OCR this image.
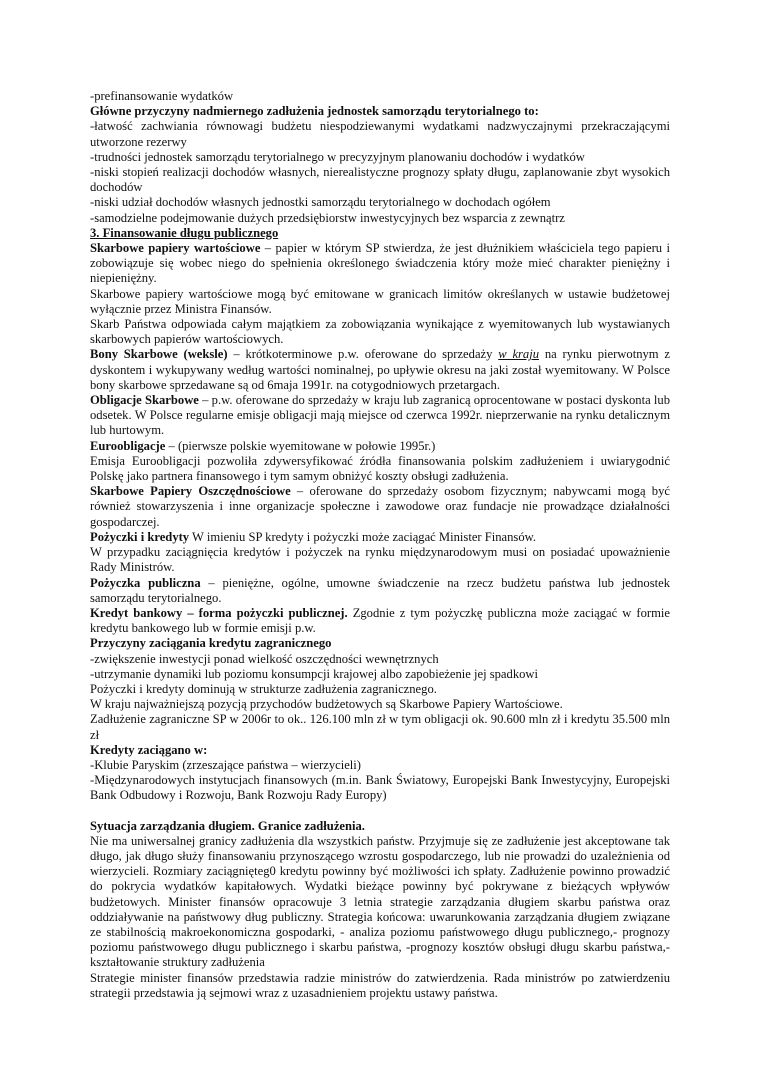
-prefinansowanie wydatków

Główne przyczyny nadmiernego zadłużenia jednostek samorządu terytorialnego to:

-łatwość zachwiania równowagi budżetu niespodziewanymi wydatkami nadzwyczajnymi przekraczającymi utworzone rezerwy

-trudności jednostek samorządu terytorialnego w precyzyjnym planowaniu dochodów i wydatków

-niski stopień realizacji dochodów własnych, nierealistyczne prognozy spłaty długu, zaplanowanie zbyt wysokich dochodów

-niski udział dochodów własnych jednostki samorządu terytorialnego w dochodach ogółem

-samodzielne podejmowanie dużych przedsiębiorstw inwestycyjnych bez wsparcia z zewnątrz

3. Finansowanie długu publicznego

Skarbowe papiery wartościowe – papier w którym SP stwierdza, że jest dłużnikiem właściciela tego papieru i zobowiązuje się wobec niego do spełnienia określonego świadczenia który może mieć charakter pieniężny i niepieniężny.

Skarbowe papiery wartościowe mogą być emitowane w granicach limitów określanych w ustawie budżetowej wyłącznie przez Ministra Finansów.

Skarb Państwa odpowiada całym majątkiem za zobowiązania wynikające z wyemitowanych lub wystawianych skarbowych papierów wartościowych.

Bony Skarbowe (weksle) – krótkoterminowe p.w. oferowane do sprzedaży w kraju na rynku pierwotnym z dyskontem i wykupywany według wartości nominalnej, po upływie okresu na jaki został wyemitowany. W Polsce bony skarbowe sprzedawane są od 6maja 1991r. na cotygodniowych przetargach.

Obligacje Skarbowe – p.w. oferowane do sprzedaży w kraju lub zagranicą oprocentowane w postaci dyskonta lub odsetek. W Polsce regularne emisje obligacji mają miejsce od czerwca 1992r. nieprzerwanie na rynku detalicznym lub hurtowym.

Euroobligacje – (pierwsze polskie wyemitowane w połowie 1995r.)

Emisja Euroobligacji pozwoliła zdywersyfikować źródła finansowania polskim zadłużeniem i uwiarygodnić Polskę jako partnera finansowego i tym samym obniżyć koszty obsługi zadłużenia.

Skarbowe Papiery Oszczędnościowe – oferowane do sprzedaży osobom fizycznym; nabywcami mogą być również stowarzyszenia i inne organizacje społeczne i zawodowe oraz fundacje nie prowadzące działalności gospodarczej.

Pożyczki i kredyty W imieniu SP kredyty i pożyczki może zaciągać Minister Finansów.

W przypadku zaciągnięcia kredytów i pożyczek na rynku międzynarodowym musi on posiadać upoważnienie Rady Ministrów.

Pożyczka publiczna – pieniężne, ogólne, umowne świadczenie na rzecz budżetu państwa lub jednostek samorządu terytorialnego.

Kredyt bankowy – forma pożyczki publicznej. Zgodnie z tym pożyczkę publiczna może zaciągać w formie kredytu bankowego lub w formie emisji p.w.

Przyczyny zaciągania kredytu zagranicznego

-zwiększenie inwestycji ponad wielkość oszczędności wewnętrznych

-utrzymanie dynamiki lub poziomu konsumpcji krajowej albo zapobieżenie jej spadkowi

Pożyczki i kredyty dominują w strukturze zadłużenia zagranicznego.

W kraju najważniejszą pozycją przychodów budżetowych są Skarbowe Papiery Wartościowe.

Zadłużenie zagraniczne SP w 2006r to ok.. 126.100 mln zł w tym obligacji ok. 90.600 mln zł i kredytu 35.500 mln zł

Kredyty zaciągano w:

-Klubie Paryskim (zrzeszające państwa – wierzycieli)

-Międzynarodowych instytucjach finansowych (m.in. Bank Światowy, Europejski Bank Inwestycyjny, Europejski Bank Odbudowy i Rozwoju, Bank Rozwoju Rady Europy)

Sytuacja zarządzania długiem. Granice zadłużenia.

Nie ma uniwersalnej granicy zadłużenia dla wszystkich państw. Przyjmuje się ze zadłużenie jest akceptowane tak długo, jak długo służy finansowaniu przynoszącego wzrostu gospodarczego, lub nie prowadzi do uzależnienia od wierzycieli. Rozmiary zaciągnięteg0 kredytu powinny być możliwości ich spłaty. Zadłużenie powinno prowadzić do pokrycia wydatków kapitałowych. Wydatki bieżące powinny być pokrywane z bieżących wpływów budżetowych. Minister finansów opracowuje 3 letnia strategie zarządzania długiem skarbu państwa oraz oddziaływanie na państwowy dług publiczny. Strategia końcowa: uwarunkowania zarządzania długiem związane ze stabilnością makroekonomiczna gospodarki, - analiza poziomu państwowego długu publicznego,- prognozy poziomu państwowego długu publicznego i skarbu państwa, -prognozy kosztów obsługi długu skarbu państwa,- kształtowanie struktury zadłużenia

Strategie minister finansów przedstawia radzie ministrów do zatwierdzenia. Rada ministrów po zatwierdzeniu strategii przedstawia ją sejmowi wraz z uzasadnieniem projektu ustawy państwa.
